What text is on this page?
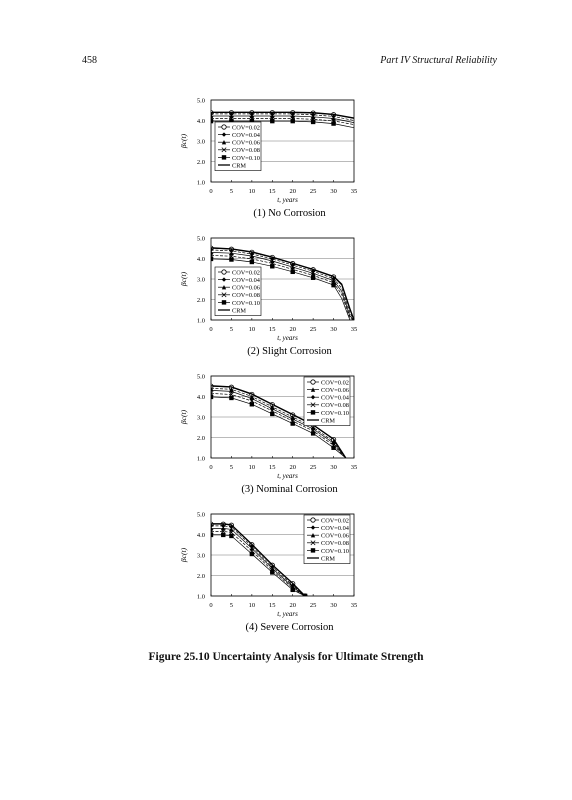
458	Part IV Structural Reliability
1.0
2.0
3.0
4.0
5.0
0	5 10 15 20 25 30 35
t, years
βc(t)
(1) No Corrosion
COV=0.02
COV=0.04
COV=0.06
COV=0.08
COV=0.10
CRM
1.0
2.0
3.0
4.0
5.0
0	5 10 15 20 25 30 35
t, years
βc(t)
(2) Slight Corrosion
COV=0.02
COV=0.04
COV=0.06
COV=0.08
COV=0.10
CRM
1.0
2.0
3.0
4.0
5.0
0	5 10 15 20 25 30 35
t, years
βc(t)
(3) Nominal Corrosion
COV=0.02
COV=0.06
COV=0.04
COV=0.08
COV=0.10
CRM
1.0
2.0
3.0
4.0
5.0
0	5 10 15 20 25 30 35
t, years
βc(t)
(4) Severe Corrosion
COV=0.02
COV=0.04
COV=0.06
COV=0.08
COV=0.10
CRM
Figure 25.10 Uncertainty Analysis for Ultimate Strength
